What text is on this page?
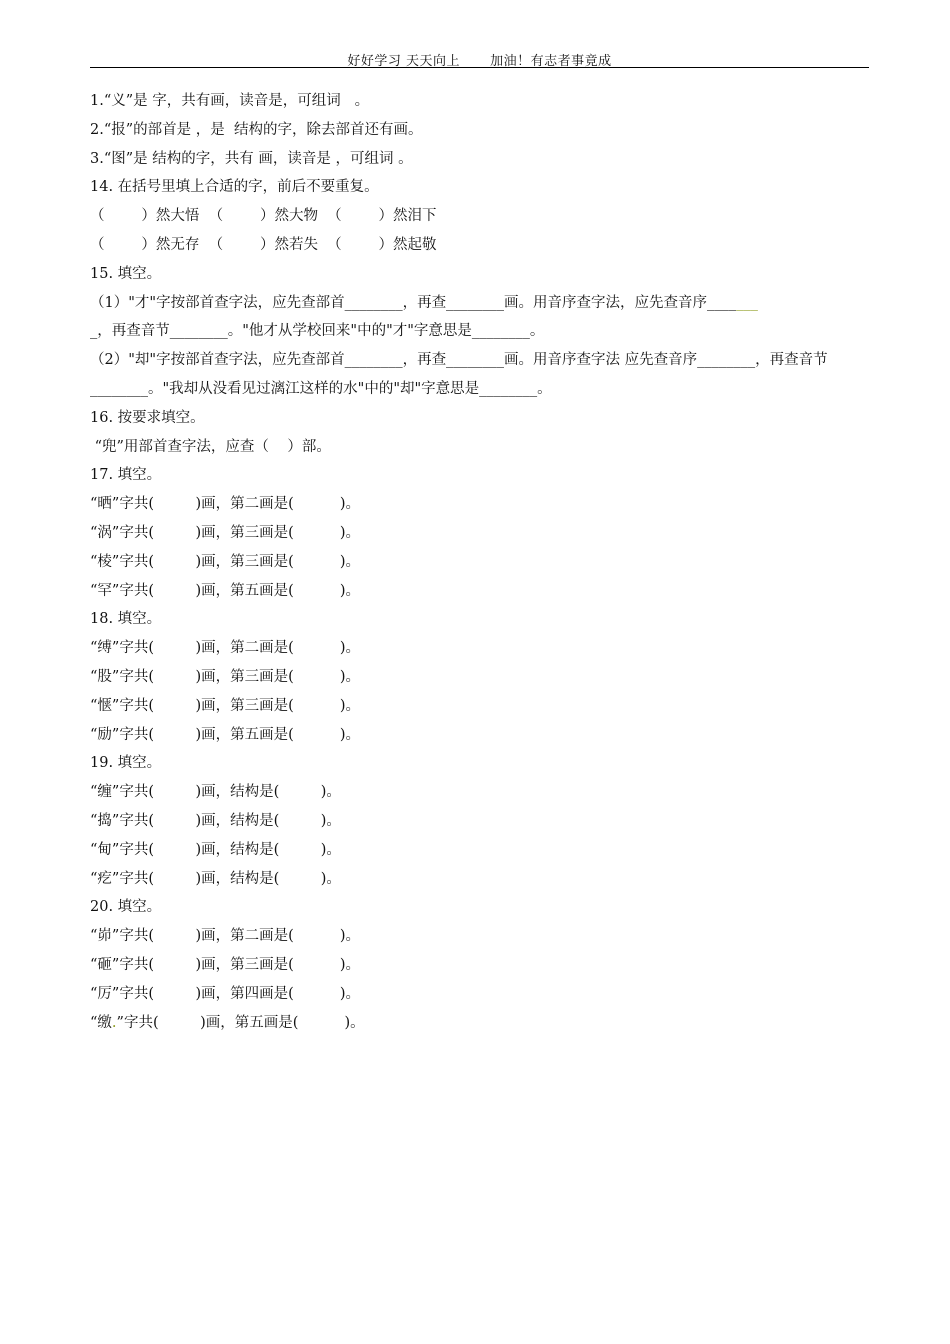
好好学习 天天向上 加油！有志者事竟成
1.“义”是 字，共有画，读音是，可组词   。
2.“报”的部首是 ，是  结构的字，除去部首还有画。
3.“图”是 结构的字，共有 画，读音是 ，可组词 。
14. 在括号里填上合适的字，前后不要重复。
（        ）然大悟  （        ）然大物  （        ）然泪下
（        ）然无存  （        ）然若失  （        ）然起敬
15. 填空。
（1）"才"字按部首查字法，应先查部首________，再查________画。用音序查字法，应先查音序_______
_，再查音节________。"他才从学校回来"中的"才"字意思是________。
（2）"却"字按部首查字法，应先查部首________，再查________画。用音序查字法 应先查音序________，再查音节________。"我却从没看见过漓江这样的水"中的"却"字意思是________。
16. 按要求填空。
“兜”用部首查字法，应查（    ）部。
17. 填空。
“晒”字共(         )画，第二画是(          )。
“涡”字共(         )画，第三画是(          )。
“棱”字共(         )画，第三画是(          )。
“罕”字共(         )画，第五画是(          )。
18. 填空。
“缚”字共(         )画，第二画是(          )。
“股”字共(         )画，第三画是(          )。
“惬”字共(         )画，第三画是(          )。
“励”字共(         )画，第五画是(          )。
19. 填空。
“缠”字共(         )画，结构是(         )。
“捣”字共(         )画，结构是(         )。
“甸”字共(         )画，结构是(         )。
“疙”字共(         )画，结构是(         )。
20. 填空。
“峁”字共(         )画，第二画是(          )。
“砸”字共(         )画，第三画是(          )。
“厉”字共(         )画，第四画是(          )。
“缴.”字共(         )画，第五画是(          )。
